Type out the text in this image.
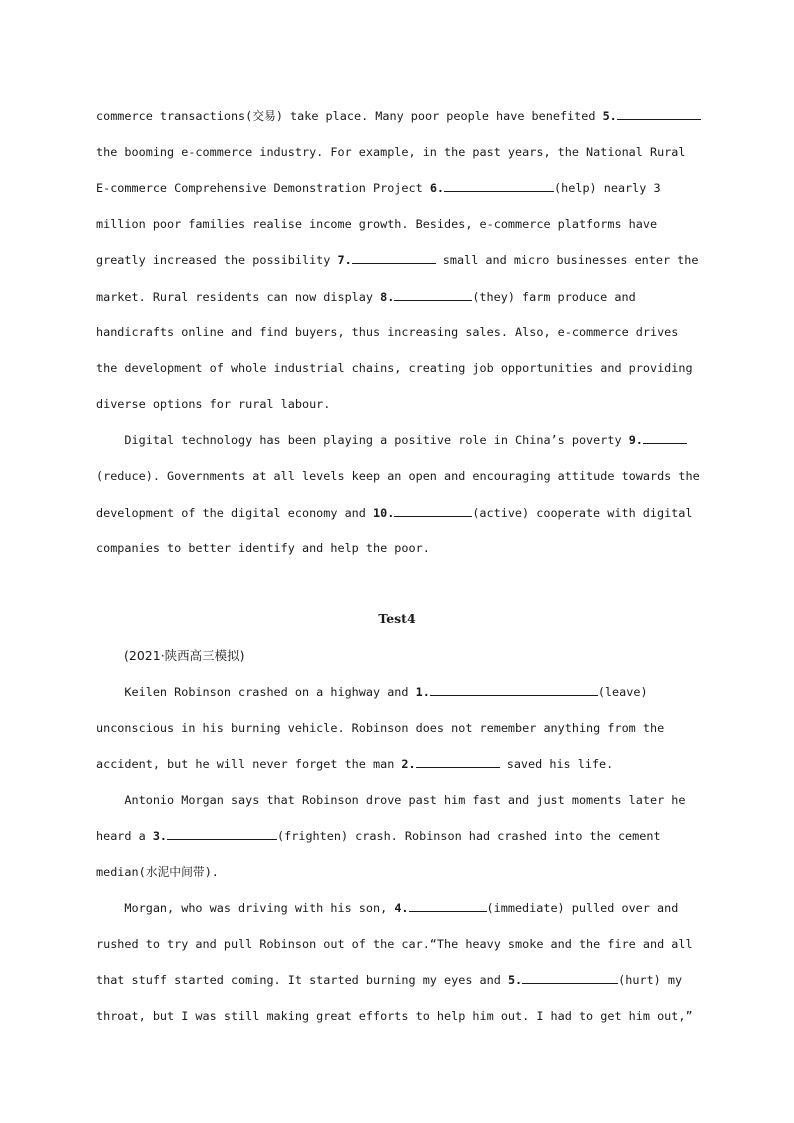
commerce transactions(交易) take place. Many poor people have benefited 5.
the booming e-commerce industry. For example, in the past years, the National Rural
E-commerce Comprehensive Demonstration Project 6.	(help) nearly 3
million poor families realise income growth. Besides, e-commerce platforms have
greatly increased the possibility 7.	small and micro businesses enter the
market. Rural residents can now display 8.	(they) farm produce and
handicrafts online and find buyers, thus increasing sales. Also, e-commerce drives
the development of whole industrial chains, creating job opportunities and providing
diverse options for rural labour.
Digital technology has been playing a positive role in China’s poverty 9.
(reduce). Governments at all levels keep an open and encouraging attitude towards the
development of the digital economy and 10.	(active) cooperate with digital
companies to better identify and help the poor.
Test4
(2021·陕西高三模拟)
Keilen Robinson crashed on a highway and 1.	(leave)
unconscious in his burning vehicle. Robinson does not remember anything from the
accident, but he will never forget the man 2.	saved his life.
Antonio Morgan says that Robinson drove past him fast and just moments later he
heard a 3.	(frighten) crash. Robinson had crashed into the cement
median(水泥中间带).
Morgan, who was driving with his son, 4.	(immediate) pulled over and
rushed to try and pull Robinson out of the car.“The heavy smoke and the fire and all
that stuff started coming. It started burning my eyes and 5.	(hurt) my
throat, but I was still making great efforts to help him out. I had to get him out,”
